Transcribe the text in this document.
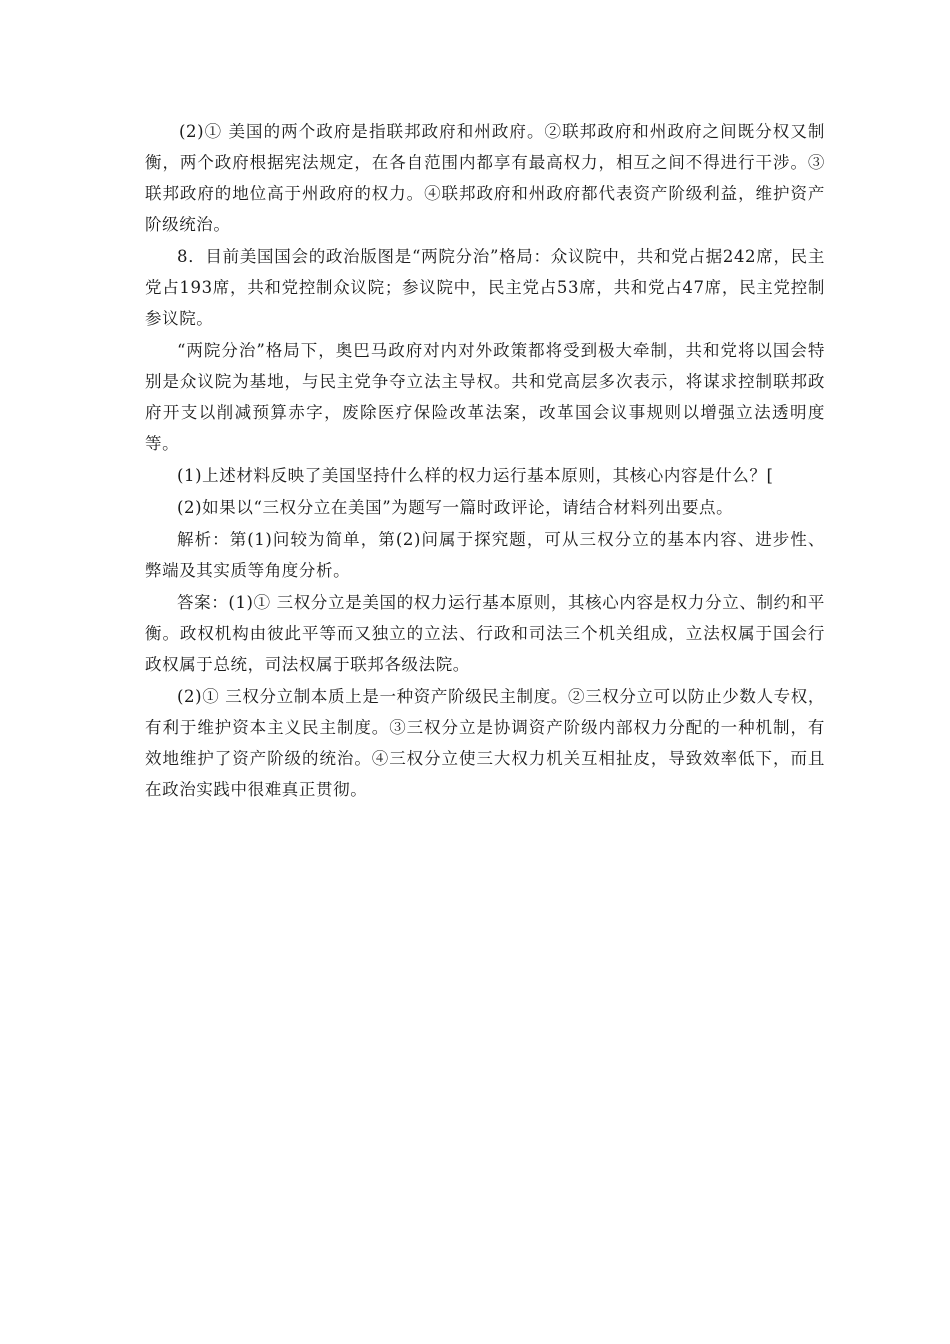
(2)① 美国的两个政府是指联邦政府和州政府。②联邦政府和州政府之间既分权又制衡，两个政府根据宪法规定，在各自范围内都享有最高权力，相互之间不得进行干涉。③联邦政府的地位高于州政府的权力。④联邦政府和州政府都代表资产阶级利益，维护资产阶级统治。

8．目前美国国会的政治版图是“两院分治”格局：众议院中，共和党占据242席，民主党占193席，共和党控制众议院；参议院中，民主党占53席，共和党占47席，民主党控制参议院。

“两院分治”格局下，奥巴马政府对内对外政策都将受到极大牵制，共和党将以国会特别是众议院为基地，与民主党争夺立法主导权。共和党高层多次表示，将谋求控制联邦政府开支以削减预算赤字，废除医疗保险改革法案，改革国会议事规则以增强立法透明度等。

(1)上述材料反映了美国坚持什么样的权力运行基本原则，其核心内容是什么？[

(2)如果以“三权分立在美国”为题写一篇时政评论，请结合材料列出要点。

解析：第(1)问较为简单，第(2)问属于探究题，可从三权分立的基本内容、进步性、弊端及其实质等角度分析。

答案：(1)① 三权分立是美国的权力运行基本原则，其核心内容是权力分立、制约和平衡。政权机构由彼此平等而又独立的立法、行政和司法三个机关组成，立法权属于国会行政权属于总统，司法权属于联邦各级法院。

(2)① 三权分立制本质上是一种资产阶级民主制度。②三权分立可以防止少数人专权，有利于维护资本主义民主制度。③三权分立是协调资产阶级内部权力分配的一种机制，有效地维护了资产阶级的统治。④三权分立使三大权力机关互相扯皮，导致效率低下，而且在政治实践中很难真正贯彻。
